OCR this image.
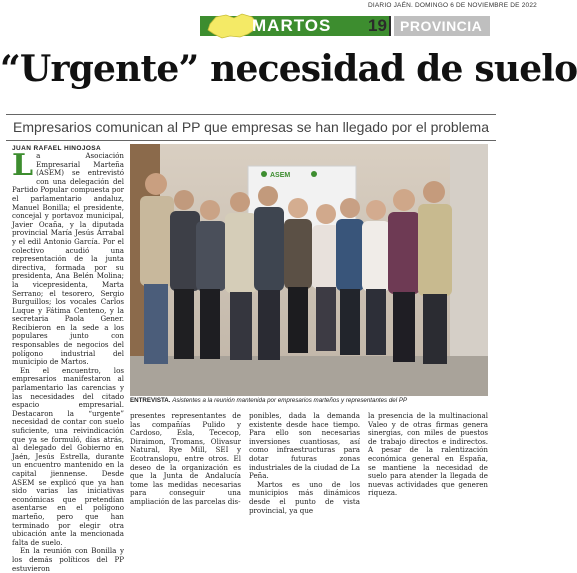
DIARIO JAÉN. DOMINGO 6 DE NOVIEMBRE DE 2022
MARTOS 19 PROVINCIA
“Urgente” necesidad de suelo
Empresarios comunican al PP que empresas se han llegado por el problema
JUAN RAFAEL HINOJOSA
L a Asociación Empresarial Marteña (ASEM) se entrevistó con una delegación del Partido Popular compuesta por el parlamentario andaluz, Manuel Bonilla; el presidente, concejal y portavoz municipal, Javier Ocaña, y la diputada provincial María Jesús Arrabal y el edil Antonio García. Por el colectivo acudió una representación de la junta directiva, formada por su presidenta, Ana Belén Molina; la vicepresidenta, Marta Serrano; el tesorero, Sergio Burguillos; los vocales Carlos Luque y Fátima Centeno, y la secretaria Paola Gener. Recibieron en la sede a los populares junto con responsables de negocios del polígono industrial del municipio de Martos.

En el encuentro, los empresarios manifestaron al parlamentario las carencias y las necesidades del citado espacio empresarial. Destacaron la “urgente” necesidad de contar con suelo suficiente, una reivindicación que ya se formuló, días atrás, al delegado del Gobierno en Jaén, Jesús Estrella, durante un encuentro mantenido en la capital jiennense. Desde ASEM se explicó que ya han sido varias las iniciativas económicas que pretendían asentarse en el polígono marteño, pero que han terminado por elegir otra ubicación ante la mencionada falta de suelo.

En la reunión con Bonilla y los demás políticos del PP estuvieron

ASEM
ENTREVISTA. Asistentes a la reunión mantenida por empresarios marteños y representantes del PP

presentes representantes de las compañías Pulido y Cardoso, Esla, Tececop, Diraimon, Tromans, Olivasur Natural, Rye Mill, SEI y Ecotranslopu, entre otros. El deseo de la organización es que la Junta de Andalucía tome las medidas necesarias para conseguir una ampliación de las parcelas dis-

ponibles, dada la demanda existente desde hace tiempo. Para ello son necesarias inversiones cuantiosas, así como infraestructuras para dotar futuras zonas industriales de la ciudad de La Peña.

Martos es uno de los municipios más dinámicos desde el punto de vista provincial, ya que

la presencia de la multinacional Valeo y de otras firmas genera sinergias, con miles de puestos de trabajo directos e indirectos. A pesar de la ralentización económica general en España, se mantiene la necesidad de suelo para atender la llegada de nuevas actividades que generen riqueza.
